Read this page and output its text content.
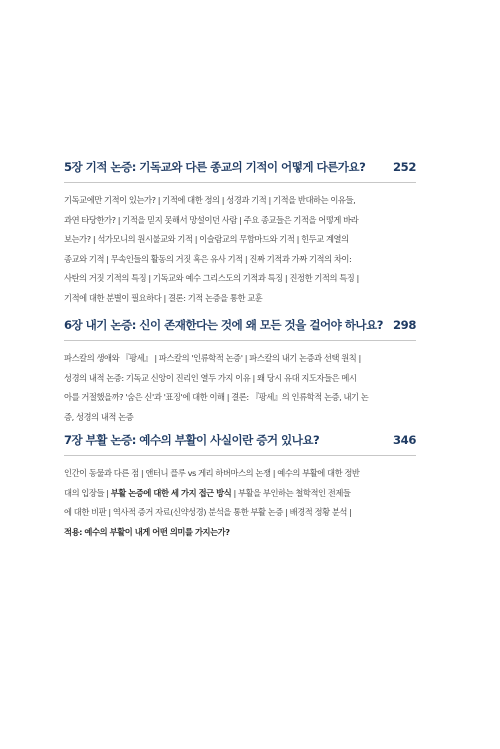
5장 기적 논증: 기독교와 다른 종교의 기적이 어떻게 다른가요? 252
기독교에만 기적이 있는가? | 기적에 대한 정의 | 성경과 기적 | 기적을 반대하는 이유들,
과연 타당한가? | 기적을 믿지 못해서 망설이던 사람 | 주요 종교들은 기적을 어떻게 바라
보는가? | 석가모니의 원시불교와 기적 | 이슬람교의 무함마드와 기적 | 힌두교 계열의
종교와 기적 | 무속인들의 활동의 거짓 혹은 유사 기적 | 진짜 기적과 가짜 기적의 차이:
사탄의 거짓 기적의 특징 | 기독교와 예수 그리스도의 기적과 특징 | 진정한 기적의 특징 |
기적에 대한 분별이 필요하다 | 결론: 기적 논증을 통한 교훈
6장 내기 논증: 신이 존재한다는 것에 왜 모든 것을 걸어야 하나요? 298
파스칼의 생애와 『팡세』 | 파스칼의 '인류학적 논증' | 파스칼의 내기 논증과 선택 원칙 |
성경의 내적 논증: 기독교 신앙이 진리인 열두 가지 이유 | 왜 당시 유대 지도자들은 메시
아를 거절했을까? '숨은 신'과 '표징'에 대한 이해 | 결론: 『팡세』의 인류학적 논증, 내기 논
증, 성경의 내적 논증
7장 부활 논증: 예수의 부활이 사실이란 증거 있나요?	346
인간이 동물과 다른 점 | 앤터니 플루 vs 게리 하버마스의 논쟁 | 예수의 부활에 대한 정반
대의 입장들 | 부활 논증에 대한 세 가지 접근 방식 | 부활을 부인하는 철학적인 전제들
에 대한 비판 | 역사적 증거 자료(신약성경) 분석을 통한 부활 논증 | 배경적 정황 분석 |
적용: 예수의 부활이 내게 어떤 의미를 가지는가?
